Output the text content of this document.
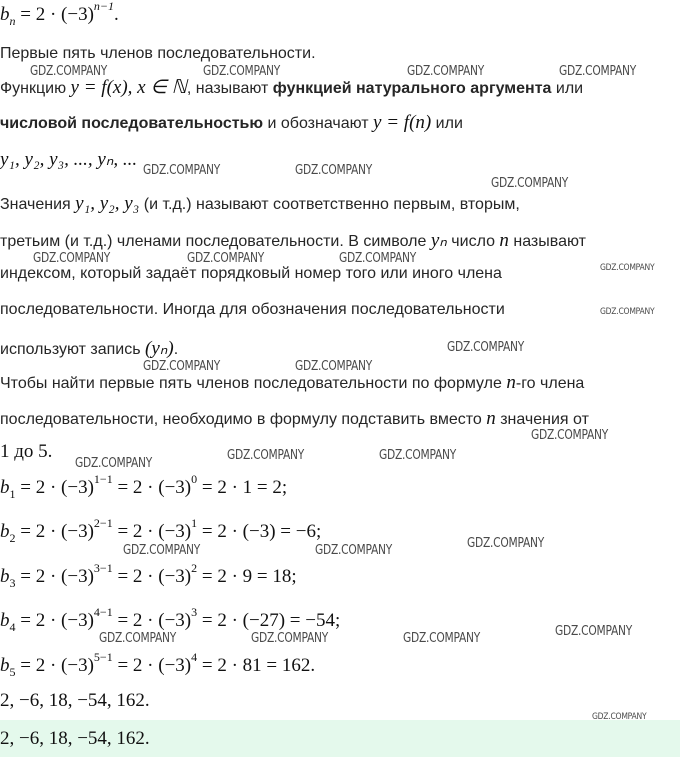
$b_n = 2 \cdot (-3)^{n-1}$.
Первые пять членов последовательности.
Функцию y = f(x), x ∈ ℕ, называют функцией натурального аргумента или
числовой последовательностью и обозначают y = f(n) или
y₁, y₂, y₃, ..., yₙ, ...
Значения y₁, y₂, y₃ (и т.д.) называют соответственно первым, вторым,
третьим (и т.д.) членами последовательности. В символе yₙ число n называют
индексом, который задаёт порядковый номер того или иного члена
последовательности. Иногда для обозначения последовательности
используют запись (yₙ).
Чтобы найти первые пять членов последовательности по формуле n-го члена
последовательности, необходимо в формулу подставить вместо n значения от
1 до 5.
$b_1 = 2 \cdot (-3)^{1-1} = 2 \cdot (-3)^0 = 2 \cdot 1 = 2$;
$b_2 = 2 \cdot (-3)^{2-1} = 2 \cdot (-3)^1 = 2 \cdot (-3) = -6$;
$b_3 = 2 \cdot (-3)^{3-1} = 2 \cdot (-3)^2 = 2 \cdot 9 = 18$;
$b_4 = 2 \cdot (-3)^{4-1} = 2 \cdot (-3)^3 = 2 \cdot (-27) = -54$;
$b_5 = 2 \cdot (-3)^{5-1} = 2 \cdot (-3)^4 = 2 \cdot 81 = 162$.
2, −6, 18, −54, 162.
2, −6, 18, −54, 162.
GDZ.COMPANY	GDZ.COMPANY	GDZ.COMPANY	GDZ.COMPANY
GDZ.COMPANY	GDZ.COMPANY
GDZ.COMPANY
GDZ.COMPANY	GDZ.COMPANY	GDZ.COMPANY
GDZ.COMPANY
GDZ.COMPANY
GDZ.COMPANY
GDZ.COMPANY	GDZ.COMPANY
GDZ.COMPANY
GDZ.COMPANY
GDZ.COMPANY	GDZ.COMPANY
GDZ.COMPANY	GDZ.COMPANY	GDZ.COMPANY
GDZ.COMPANY
GDZ.COMPANY	GDZ.COMPANY	GDZ.COMPANY
GDZ.COMPANY
